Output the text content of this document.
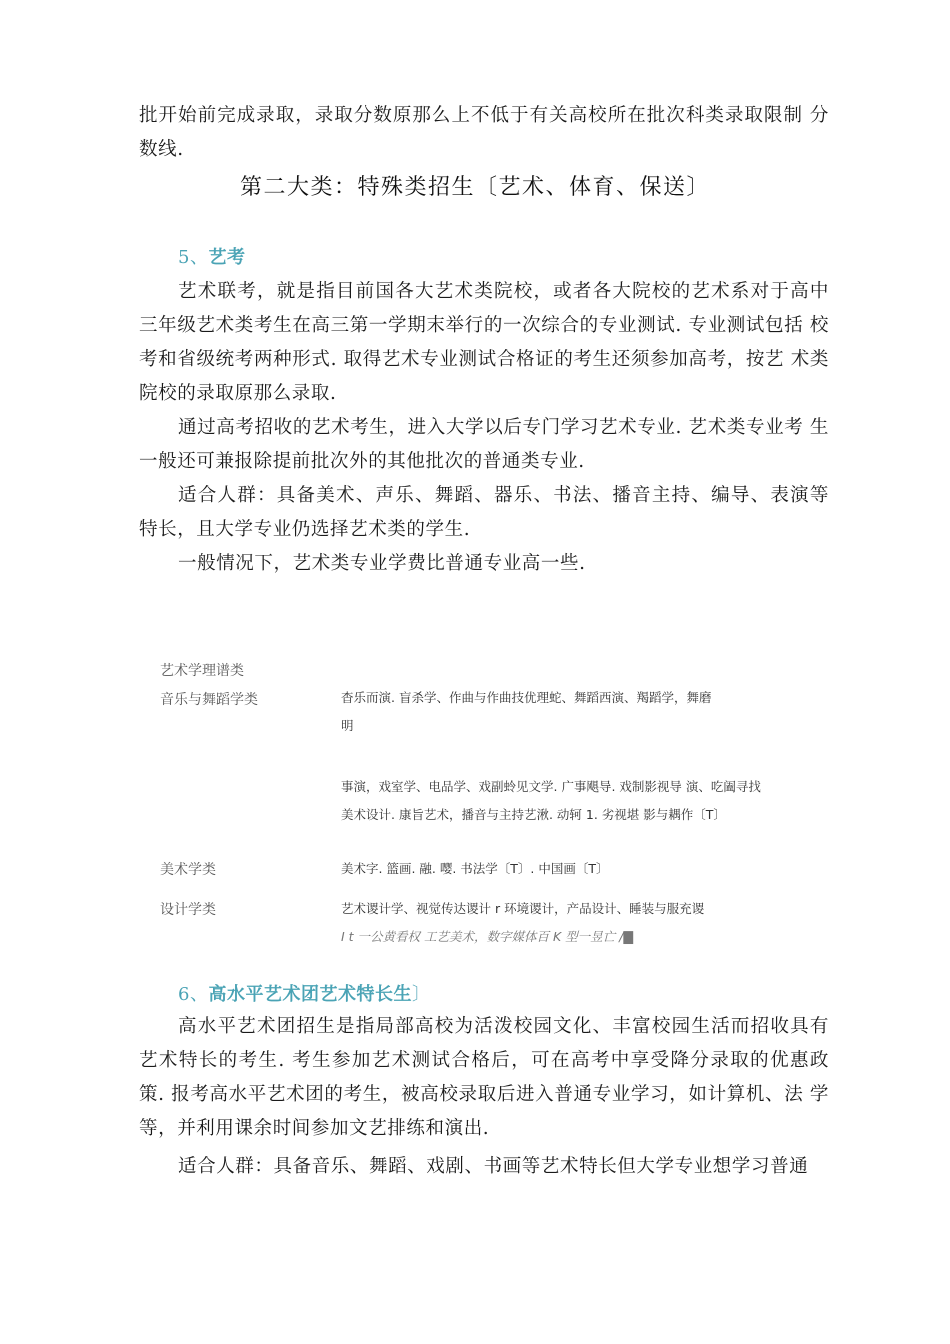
批开始前完成录取，录取分数原那么上不低于有关高校所在批次科类录取限制 分数线.
第二大类：特殊类招生〔艺术、体育、保送〕
5、艺考
艺术联考，就是指目前国各大艺术类院校，或者各大院校的艺术系对于高中 三年级艺术类考生在高三第一学期末举行的一次综合的专业测试. 专业测试包括 校考和省级统考两种形式. 取得艺术专业测试合格证的考生还须参加高考，按艺 术类院校的录取原那么录取.
通过高考招收的艺术考生，进入大学以后专门学习艺术专业. 艺术类专业考 生一般还可兼报除提前批次外的其他批次的普通类专业.
适合人群：具备美术、声乐、舞蹈、器乐、书法、播音主持、编导、表演等 特长，且大学专业仍选择艺术类的学生.
一般情况下，艺术类专业学费比普通专业高一些.
艺术学理谱类
音乐与舞蹈学类	杳乐而演. 盲杀学、作曲与作曲技优理蛇、舞蹈西演、羯蹈学，舞磨
明
事演，戏室学、电品学、戏副蛉见文学. 广事飓导. 戏制影视导 演、吃阖寻找
美术设计. 康旨艺术，播音与主持艺湫. 动轲 1. 劣视堪 影与耦作〔T〕
美术学类	美术字. 篮画. 融. 嘤. 书法学〔T〕. 中国画〔T〕
设计学类	艺术谡计学、视觉传达谡计 r 环境谡计，产品设计、睡装与服充谡
I t 一公黄看权 工艺美术，数字媒体百 K 型一昱亡 /▇
6、高水平艺术团艺术特长生〕
高水平艺术团招生是指局部高校为活泼校园文化、丰富校园生活而招收具有 艺术特长的考生. 考生参加艺术测试合格后，可在高考中享受降分录取的优惠政 策. 报考高水平艺术团的考生，被高校录取后进入普通专业学习，如计算机、法 学等，并利用课余时间参加文艺排练和演出.
适合人群：具备音乐、舞蹈、戏剧、书画等艺术特长但大学专业想学习普通
